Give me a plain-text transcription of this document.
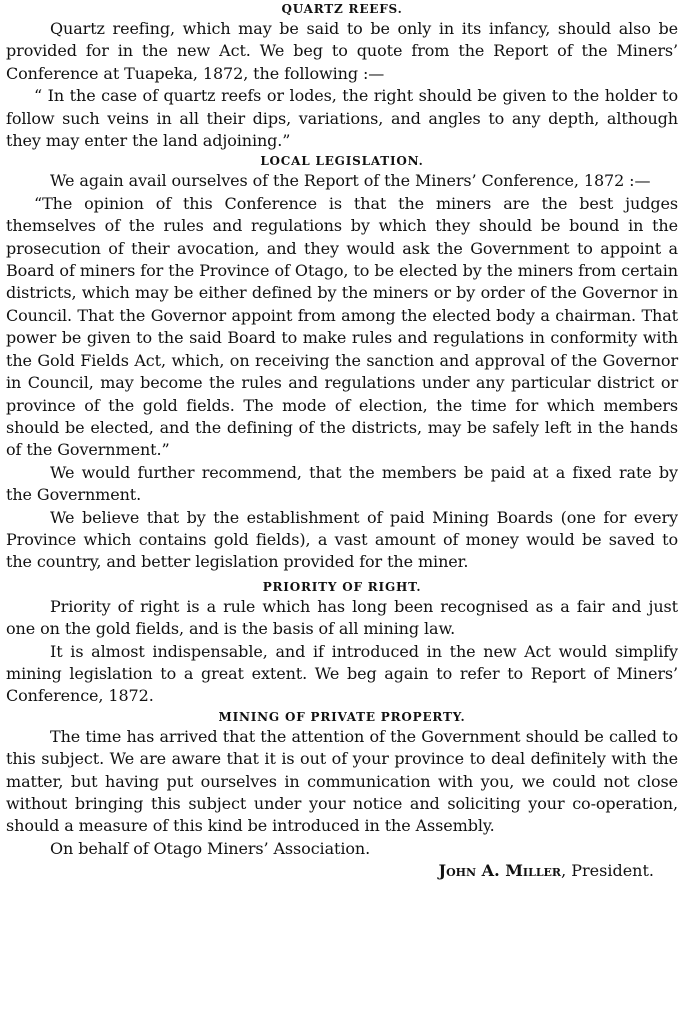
QUARTZ REEFS.

Quartz reefing, which may be said to be only in its infancy, should also be provided for in the new Act. We beg to quote from the Report of the Miners’ Conference at Tuapeka, 1872, the following :—

“ In the case of quartz reefs or lodes, the right should be given to the holder to follow such veins in all their dips, variations, and angles to any depth, although they may enter the land adjoining.”

LOCAL LEGISLATION.

We again avail ourselves of the Report of the Miners’ Conference, 1872 :—

“The opinion of this Conference is that the miners are the best judges themselves of the rules and regulations by which they should be bound in the prosecution of their avocation, and they would ask the Government to appoint a Board of miners for the Province of Otago, to be elected by the miners from certain districts, which may be either defined by the miners or by order of the Governor in Council. That the Governor appoint from among the elected body a chairman. That power be given to the said Board to make rules and regulations in conformity with the Gold Fields Act, which, on receiving the sanction and approval of the Governor in Council, may become the rules and regulations under any particular district or province of the gold fields. The mode of election, the time for which members should be elected, and the defining of the districts, may be safely left in the hands of the Government.”

We would further recommend, that the members be paid at a fixed rate by the Government.

We believe that by the establishment of paid Mining Boards (one for every Province which contains gold fields), a vast amount of money would be saved to the country, and better legislation provided for the miner.

PRIORITY OF RIGHT.

Priority of right is a rule which has long been recognised as a fair and just one on the gold fields, and is the basis of all mining law.

It is almost indispensable, and if introduced in the new Act would simplify mining legislation to a great extent. We beg again to refer to Report of Miners’ Conference, 1872.

MINING OF PRIVATE PROPERTY.

The time has arrived that the attention of the Government should be called to this subject. We are aware that it is out of your province to deal definitely with the matter, but having put ourselves in communication with you, we could not close without bringing this subject under your notice and soliciting your co-operation, should a measure of this kind be introduced in the Assembly.

On behalf of Otago Miners’ Association.

John A. Miller, President.
